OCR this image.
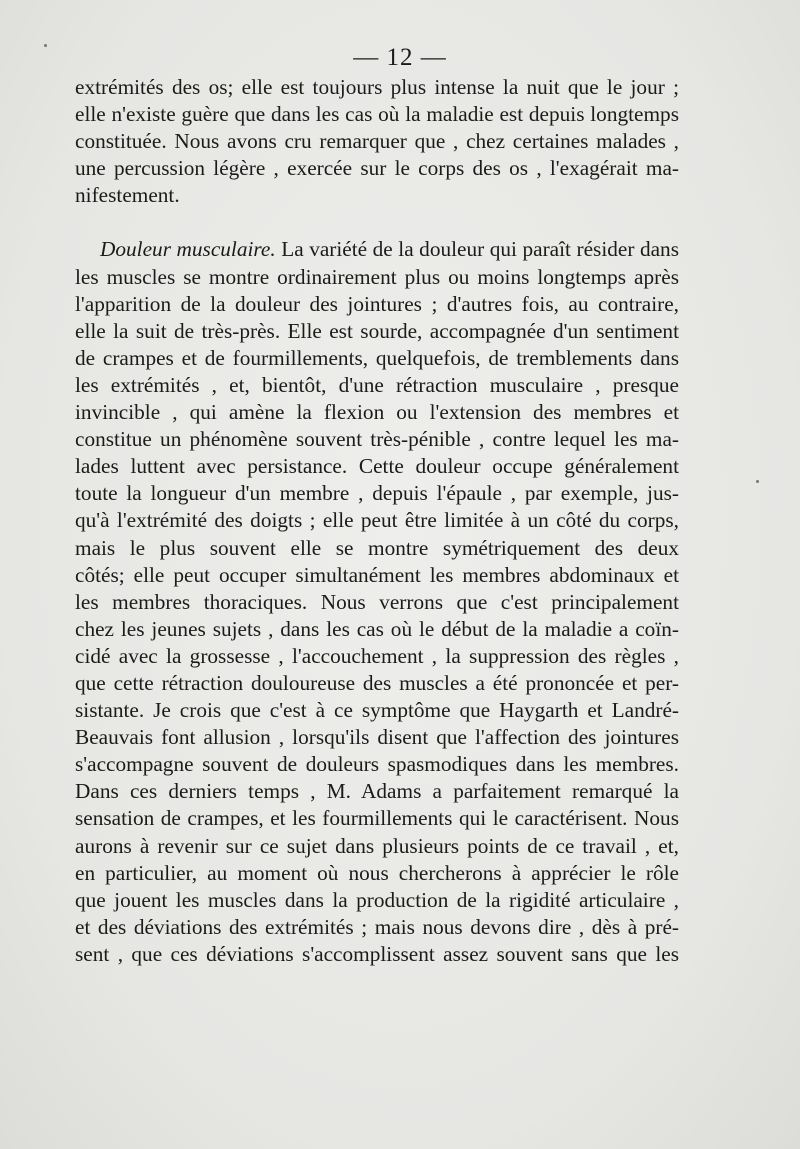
— 12 —
extrémités des os; elle est toujours plus intense la nuit que le jour ;
elle n'existe guère que dans les cas où la maladie est depuis longtemps
constituée. Nous avons cru remarquer que , chez certaines malades ,
une percussion légère , exercée sur le corps des os , l'exagérait ma-
nifestement.
Douleur musculaire. La variété de la douleur qui paraît résider dans
les muscles se montre ordinairement plus ou moins longtemps après
l'apparition de la douleur des jointures ; d'autres fois, au contraire,
elle la suit de très-près. Elle est sourde, accompagnée d'un sentiment
de crampes et de fourmillements, quelquefois, de tremblements dans
les extrémités , et, bientôt, d'une rétraction musculaire , presque
invincible , qui amène la flexion ou l'extension des membres et
constitue un phénomène souvent très-pénible , contre lequel les ma-
lades luttent avec persistance. Cette douleur occupe généralement
toute la longueur d'un membre , depuis l'épaule , par exemple, jus-
qu'à l'extrémité des doigts ; elle peut être limitée à un côté du corps,
mais le plus souvent elle se montre symétriquement des deux
côtés; elle peut occuper simultanément les membres abdominaux et
les membres thoraciques. Nous verrons que c'est principalement
chez les jeunes sujets , dans les cas où le début de la maladie a coïn-
cidé avec la grossesse , l'accouchement , la suppression des règles ,
que cette rétraction douloureuse des muscles a été prononcée et per-
sistante. Je crois que c'est à ce symptôme que Haygarth et Landré-
Beauvais font allusion , lorsqu'ils disent que l'affection des jointures
s'accompagne souvent de douleurs spasmodiques dans les membres.
Dans ces derniers temps , M. Adams a parfaitement remarqué la
sensation de crampes, et les fourmillements qui le caractérisent. Nous
aurons à revenir sur ce sujet dans plusieurs points de ce travail , et,
en particulier, au moment où nous chercherons à apprécier le rôle
que jouent les muscles dans la production de la rigidité articulaire ,
et des déviations des extrémités ; mais nous devons dire , dès à pré-
sent , que ces déviations s'accomplissent assez souvent sans que les
